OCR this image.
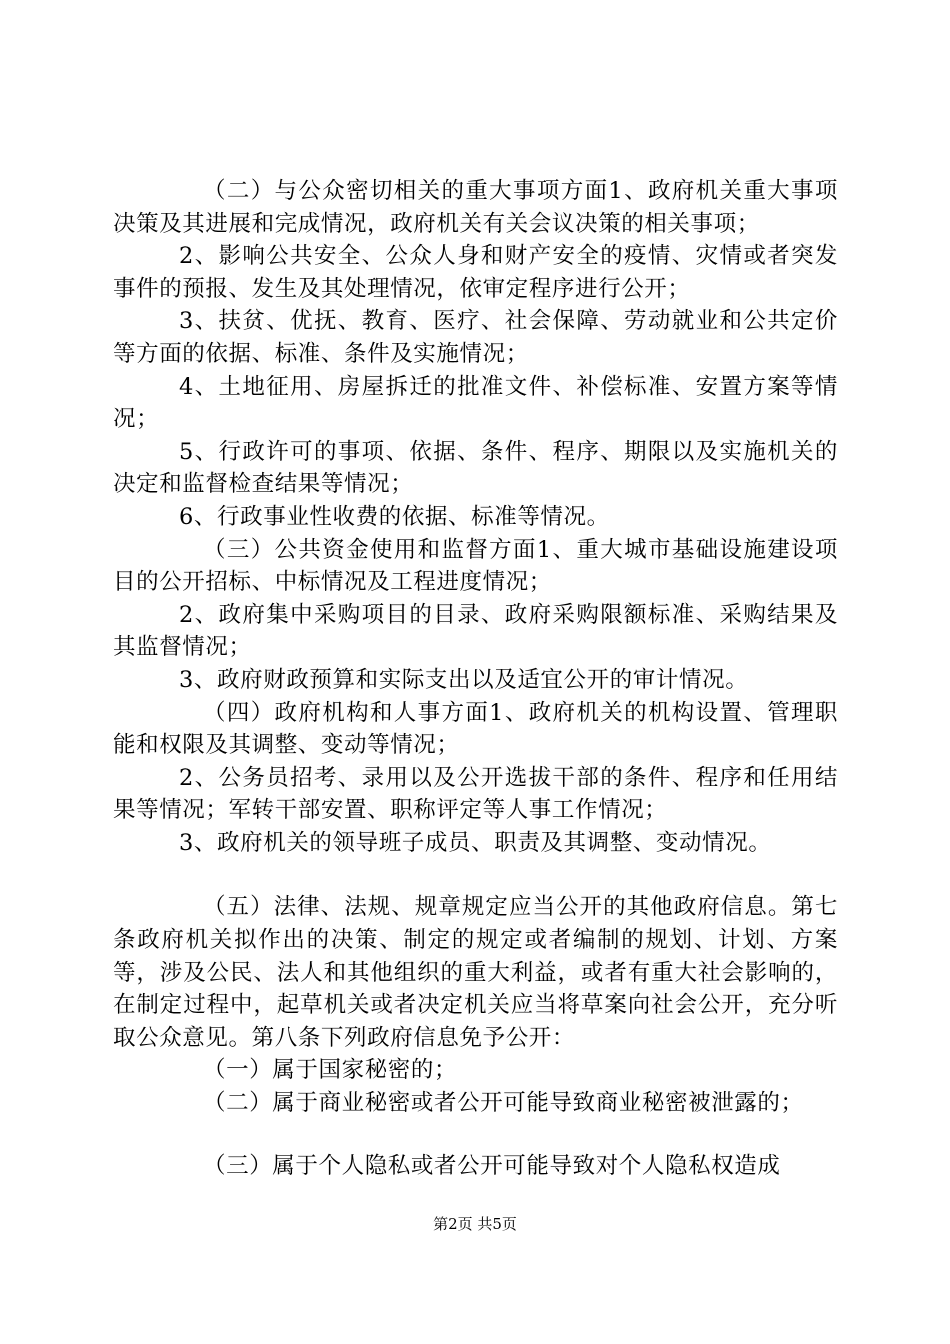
（二）与公众密切相关的重大事项方面1、政府机关重大事项决策及其进展和完成情况，政府机关有关会议决策的相关事项；

2、影响公共安全、公众人身和财产安全的疫情、灾情或者突发事件的预报、发生及其处理情况，依审定程序进行公开；

3、扶贫、优抚、教育、医疗、社会保障、劳动就业和公共定价等方面的依据、标准、条件及实施情况；

4、土地征用、房屋拆迁的批准文件、补偿标准、安置方案等情况；

5、行政许可的事项、依据、条件、程序、期限以及实施机关的决定和监督检查结果等情况；

6、行政事业性收费的依据、标准等情况。

（三）公共资金使用和监督方面1、重大城市基础设施建设项目的公开招标、中标情况及工程进度情况；

2、政府集中采购项目的目录、政府采购限额标准、采购结果及其监督情况；

3、政府财政预算和实际支出以及适宜公开的审计情况。

（四）政府机构和人事方面1、政府机关的机构设置、管理职能和权限及其调整、变动等情况；

2、公务员招考、录用以及公开选拔干部的条件、程序和任用结果等情况；军转干部安置、职称评定等人事工作情况；

3、政府机关的领导班子成员、职责及其调整、变动情况。

（五）法律、法规、规章规定应当公开的其他政府信息。第七条政府机关拟作出的决策、制定的规定或者编制的规划、计划、方案等，涉及公民、法人和其他组织的重大利益，或者有重大社会影响的，在制定过程中，起草机关或者决定机关应当将草案向社会公开，充分听取公众意见。第八条下列政府信息免予公开：

（一）属于国家秘密的；

（二）属于商业秘密或者公开可能导致商业秘密被泄露的；

（三）属于个人隐私或者公开可能导致对个人隐私权造成

第2页 共5页
